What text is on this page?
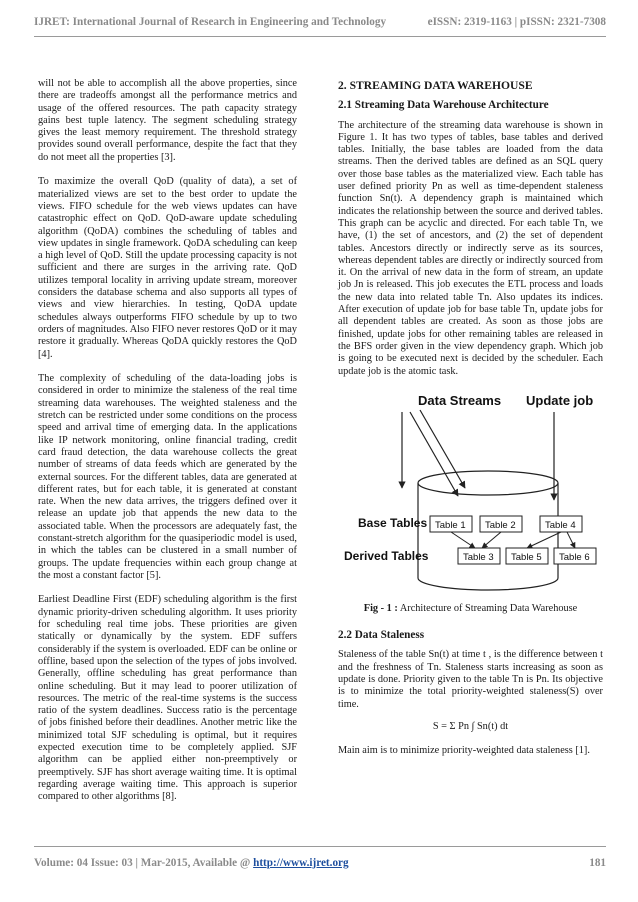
IJRET: International Journal of Research in Engineering and Technology	eISSN: 2319-1163 | pISSN: 2321-7308

will not be able to accomplish all the above properties, since there are tradeoffs amongst all the performance metrics and usage of the offered resources. The path capacity strategy gains best tuple latency. The segment scheduling strategy gives the least memory requirement. The threshold strategy provides sound overall performance, despite the fact that they do not meet all the properties [3].

To maximize the overall QoD (quality of data), a set of materialized views are set to the best order to update the views. FIFO schedule for the web views updates can have catastrophic effect on QoD. QoD-aware update scheduling algorithm (QoDA) combines the scheduling of tables and view updates in single framework. QoDA scheduling can keep a high level of QoD. Still the update processing capacity is not sufficient and there are surges in the arriving rate. QoD utilizes temporal locality in arriving update stream, moreover considers the database schema and also supports all types of views and view hierarchies. In testing, QoDA update schedules always outperforms FIFO schedule by up to two orders of magnitudes. Also FIFO never restores QoD or it may restore it gradually. Whereas QoDA quickly restores the QoD [4].

The complexity of scheduling of the data-loading jobs is considered in order to minimize the staleness of the real time streaming data warehouses. The weighted staleness and the stretch can be restricted under some conditions on the process speed and arrival time of emerging data. In the applications like IP network monitoring, online financial trading, credit card fraud detection, the data warehouse collects the great number of streams of data feeds which are generated by the external sources. For the different tables, data are generated at different rates, but for each table, it is generated at constant rate. When the new data arrives, the triggers defined over it release an update job that appends the new data to the associated table. When the processors are adequately fast, the constant-stretch algorithm for the quasiperiodic model is used, in which the tables can be clustered in a small number of groups. The update frequencies within each group change at the most a constant factor [5].

Earliest Deadline First (EDF) scheduling algorithm is the first dynamic priority-driven scheduling algorithm. It uses priority for scheduling real time jobs. These priorities are given statically or dynamically by the system. EDF suffers considerably if the system is overloaded. EDF can be online or offline, based upon the selection of the types of jobs involved. Generally, offline scheduling has great performance than online scheduling. But it may lead to poorer utilization of resources. The metric of the real-time systems is the success ratio of the system deadlines. Success ratio is the percentage of jobs finished before their deadlines. Another metric like the minimized total SJF scheduling is optimal, but it requires expected execution time to be completely applied. SJF algorithm can be applied either non-preemptively or preemptively. SJF has short average waiting time. It is optimal regarding average waiting time. This approach is superior compared to other algorithms [8].

2. STREAMING DATA WAREHOUSE
2.1 Streaming Data Warehouse Architecture

The architecture of the streaming data warehouse is shown in Figure 1. It has two types of tables, base tables and derived tables. Initially, the base tables are loaded from the data streams. Then the derived tables are defined as an SQL query over those base tables as the materialized view. Each table has user defined priority Pn as well as time-dependent staleness function Sn(t). A dependency graph is maintained which indicates the relationship between the source and derived tables. This graph can be acyclic and directed. For each table Tn, we have, (1) the set of ancestors, and (2) the set of dependent tables. Ancestors directly or indirectly serve as its sources, whereas dependent tables are directly or indirectly sourced from it. On the arrival of new data in the form of stream, an update job Jn is released. This job executes the ETL process and loads the new data into related table Tn. Also updates its indices. After execution of update job for base table Tn, update jobs for all dependent tables are created. As soon as those jobs are finished, update jobs for other remaining tables are released in the BFS order given in the view dependency graph. Which job is going to be executed next is decided by the scheduler. Each update job is the atomic task.

Data Streams Update job
Base Tables
Derived Tables
Table 1 Table 2	Table 4
Table 3 Table 5 Table 6
Fig - 1 : Architecture of Streaming Data Warehouse
2.2 Data Staleness

Staleness of the table Sn(t) at time t , is the difference between t and the freshness of Tn. Staleness starts increasing as soon as update is done. Priority given to the table Tn is Pn. Its objective is to minimize the total priority-weighted staleness(S) over time.

S = Σ Pn ∫ Sn(t) dt

Main aim is to minimize priority-weighted data staleness [1].

Volume: 04 Issue: 03 | Mar-2015, Available @ http://www.ijret.org	181
